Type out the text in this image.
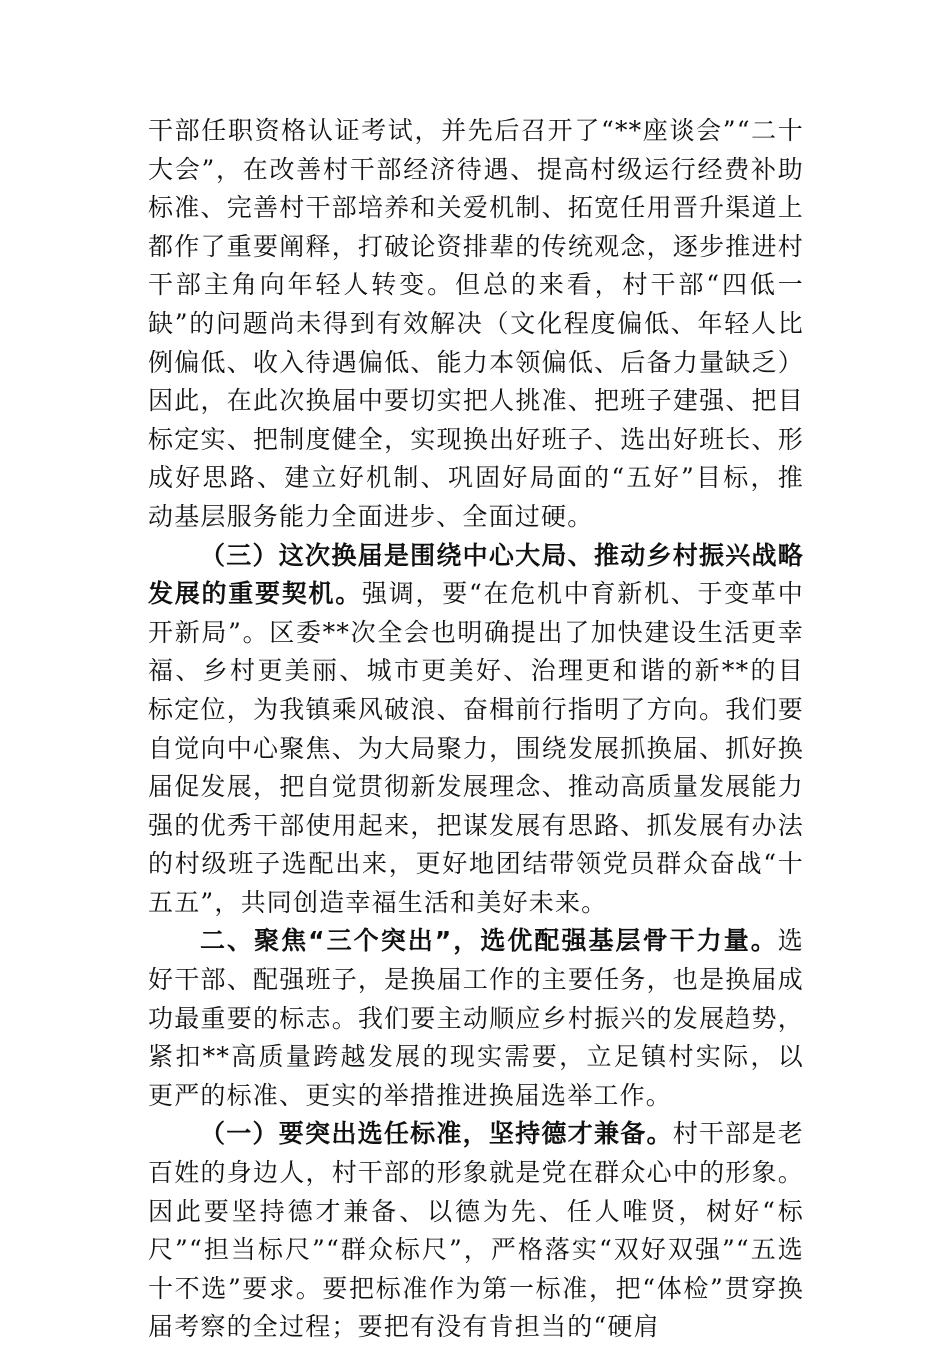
干部任职资格认证考试，并先后召开了“**座谈会”“二十大会”，在改善村干部经济待遇、提高村级运行经费补助标准、完善村干部培养和关爱机制、拓宽任用晋升渠道上都作了重要阐释，打破论资排辈的传统观念，逐步推进村干部主角向年轻人转变。但总的来看，村干部“四低一缺”的问题尚未得到有效解决（文化程度偏低、年轻人比例偏低、收入待遇偏低、能力本领偏低、后备力量缺乏）因此，在此次换届中要切实把人挑准、把班子建强、把目标定实、把制度健全，实现换出好班子、选出好班长、形成好思路、建立好机制、巩固好局面的“五好”目标，推动基层服务能力全面进步、全面过硬。

（三）这次换届是围绕中心大局、推动乡村振兴战略发展的重要契机。强调，要“在危机中育新机、于变革中开新局”。区委**次全会也明确提出了加快建设生活更幸福、乡村更美丽、城市更美好、治理更和谐的新**的目标定位，为我镇乘风破浪、奋楫前行指明了方向。我们要自觉向中心聚焦、为大局聚力，围绕发展抓换届、抓好换届促发展，把自觉贯彻新发展理念、推动高质量发展能力强的优秀干部使用起来，把谋发展有思路、抓发展有办法的村级班子选配出来，更好地团结带领党员群众奋战“十五五”，共同创造幸福生活和美好未来。

二、聚焦“三个突出”，选优配强基层骨干力量。选好干部、配强班子，是换届工作的主要任务，也是换届成功最重要的标志。我们要主动顺应乡村振兴的发展趋势，紧扣**高质量跨越发展的现实需要，立足镇村实际，以更严的标准、更实的举措推进换届选举工作。

（一）要突出选任标准，坚持德才兼备。村干部是老百姓的身边人，村干部的形象就是党在群众心中的形象。因此要坚持德才兼备、以德为先、任人唯贤，树好“标尺”“担当标尺”“群众标尺”，严格落实“双好双强”“五选十不选”要求。要把标准作为第一标准，把“体检”贯穿换届考察的全过程；要把有没有肯担当的“硬肩
